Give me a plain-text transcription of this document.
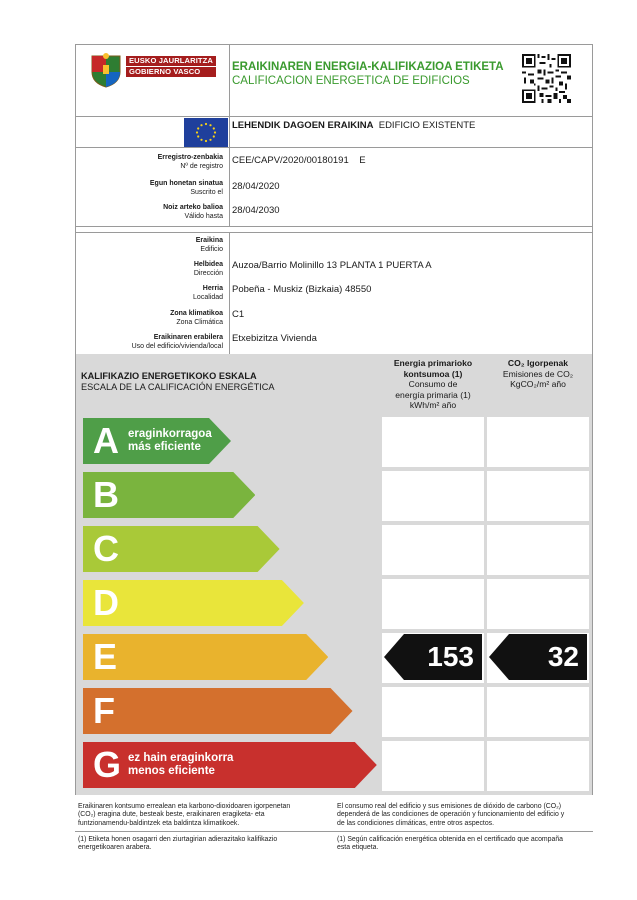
EUSKO JAURLARITZA
GOBIERNO VASCO	ERAIKINAREN ENERGIA-KALIFIKAZIOA ETIKETA
CALIFICACION ENERGETICA DE EDIFICIOS
LEHENDIK DAGOEN ERAIKINA EDIFICIO EXISTENTE
Erregistro-zenbakia
Nº de registro
CEE/CAPV/2020/00180191 E
Egun honetan sinatua
Suscrito el
28/04/2020
Noiz arteko balioa
Válido hasta
28/04/2030
Eraikina
Edificio
Helbidea
Dirección
Auzoa/Barrio Molinillo 13 PLANTA 1 PUERTA A
Herria
Localidad
Pobeña - Muskiz (Bizkaia) 48550
Zona klimatikoa
Zona Climática
C1
Eraikinaren erabilera
Uso del edificio/vivienda/local
Etxebizitza Vivienda
KALIFIKAZIO ENERGETIKOKO ESKALA
ESCALA DE LA CALIFICACIÓN ENERGÉTICA
Energia primarioko
kontsumoa (1)
Consumo de
energía primaria (1)
kWh/m² año
CO₂ Igorpenak
Emisiones de CO₂
KgCO₂/m² año
A eraginkorragoa
más eficiente
B
C
D
E
F
G ez hain eraginkorra
menos eficiente
153	32
Eraikinaren kontsumo errealean eta karbono-dioxidoaren igorpenetan
(CO₂) eragina dute, besteak beste, eraikinaren eragiketa- eta
funtzionamendu-baldintzek eta baldintza klimatikoek.
El consumo real del edificio y sus emisiones de dióxido de carbono (CO₂)
dependerá de las condiciones de operación y funcionamiento del edificio y
de las condiciones climáticas, entre otros aspectos.
(1) Etiketa honen osagarri den ziurtagirian adierazitako kalifikazio
energetikoaren arabera.
(1) Según calificación energética obtenida en el certificado que acompaña
esta etiqueta.
